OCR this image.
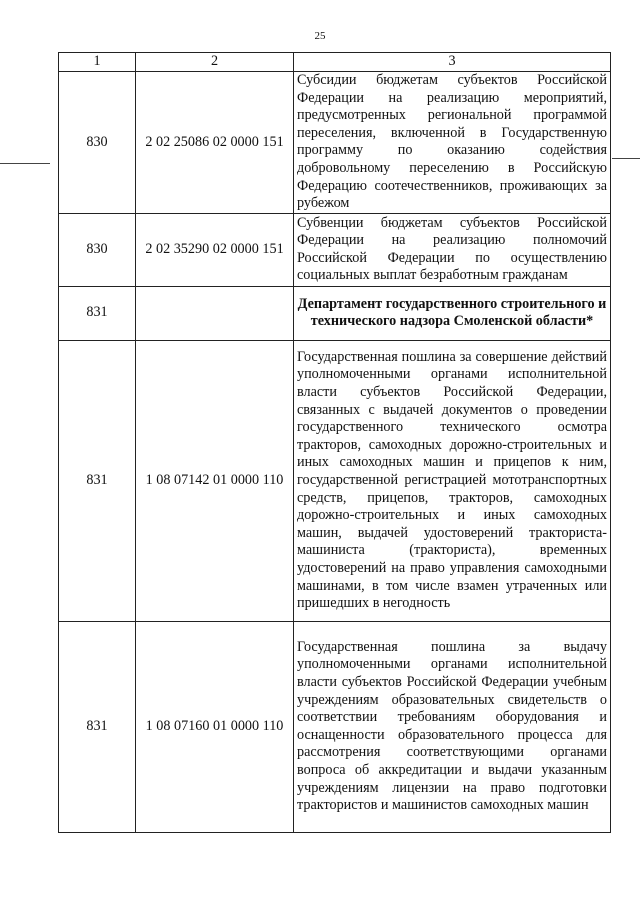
25
1	2	3
830	2 02 25086 02 0000 151	Субсидии бюджетам субъектов Российской Федерации на реализацию мероприятий, предусмотренных региональной программой переселения, включенной в Государственную программу по оказанию содействия добровольному переселению в Российскую Федерацию соотечественников, проживающих за рубежом
830	2 02 35290 02 0000 151	Субвенции бюджетам субъектов Российской Федерации на реализацию полномочий Российской Федерации по осуществлению социальных выплат безработным гражданам
831		Департамент государственного строительного и технического надзора Смоленской области*
831	1 08 07142 01 0000 110	Государственная пошлина за совершение действий уполномоченными органами исполнительной власти субъектов Российской Федерации, связанных с выдачей документов о проведении государственного технического осмотра тракторов, самоходных дорожно-строительных и иных самоходных машин и прицепов к ним, государственной регистрацией мототранспортных средств, прицепов, тракторов, самоходных дорожно-строительных и иных самоходных машин, выдачей удостоверений тракториста-машиниста (тракториста), временных удостоверений на право управления самоходными машинами, в том числе взамен утраченных или пришедших в негодность
831	1 08 07160 01 0000 110	Государственная пошлина за выдачу уполномоченными органами исполнительной власти субъектов Российской Федерации учебным учреждениям образовательных свидетельств о соответствии требованиям оборудования и оснащенности образовательного процесса для рассмотрения соответствующими органами вопроса об аккредитации и выдачи указанным учреждениям лицензии на право подготовки трактористов и машинистов самоходных машин
